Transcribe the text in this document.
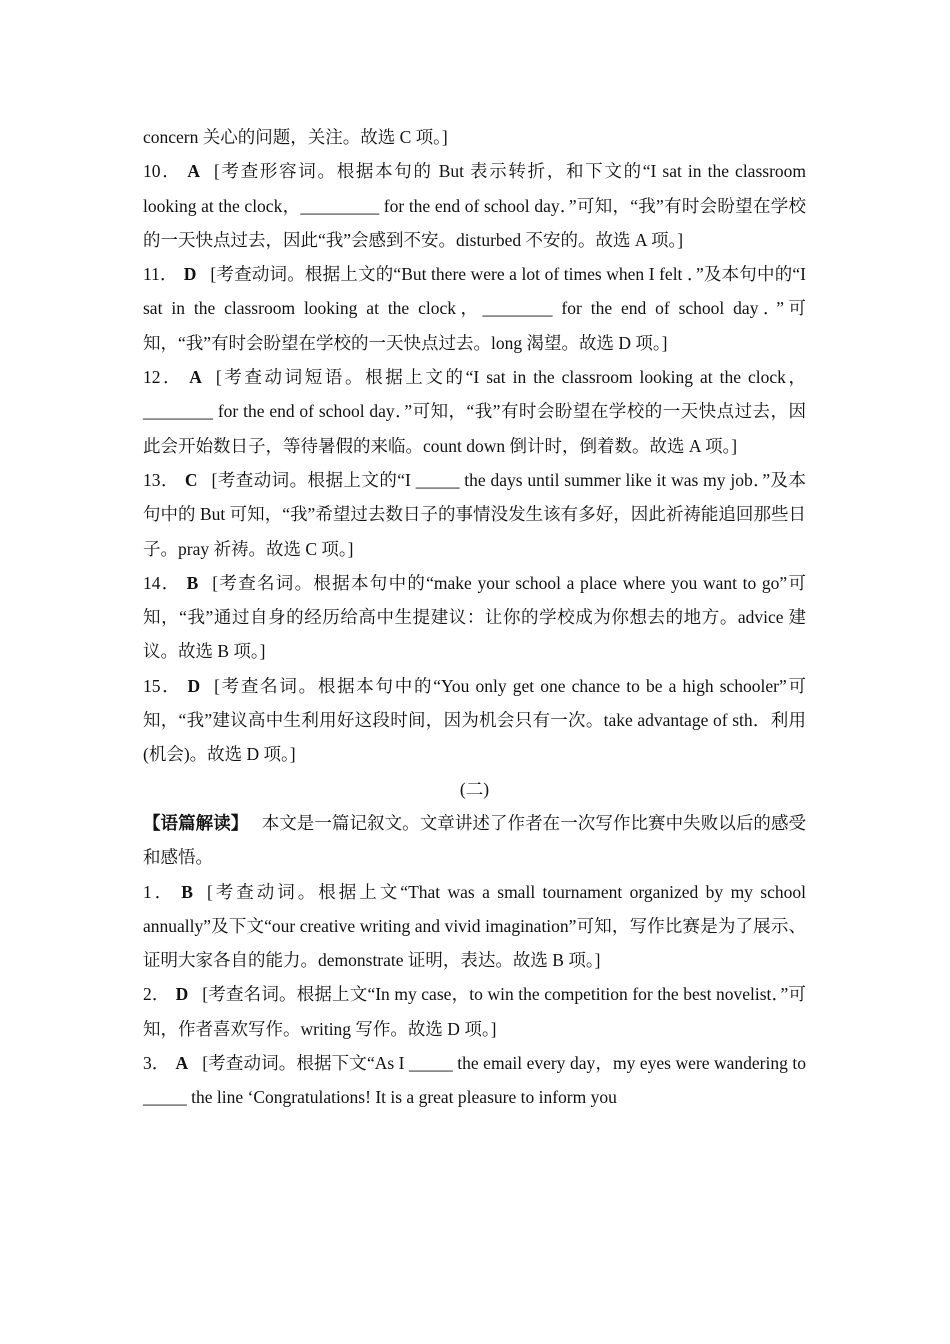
concern 关心的问题，关注。故选 C 项。]

10． A [考查形容词。根据本句的 But 表示转折，和下文的“I sat in the classroom looking at the clock，_________ for the end of school day．”可知，“我”有时会盼望在学校的一天快点过去，因此“我”会感到不安。disturbed 不安的。故选 A 项。]

11． D [考查动词。根据上文的“But there were a lot of times when I felt ．”及本句中的“I sat in the classroom looking at the clock，________ for the end of school day．”可知，“我”有时会盼望在学校的一天快点过去。long 渴望。故选 D 项。]

12． A [考查动词短语。根据上文的“I sat in the classroom looking at the clock，________ for the end of school day．”可知，“我”有时会盼望在学校的一天快点过去，因此会开始数日子，等待暑假的来临。count down 倒计时，倒着数。故选 A 项。]

13． C [考查动词。根据上文的“I _____ the days until summer like it was my job．”及本句中的 But 可知，“我”希望过去数日子的事情没发生该有多好，因此祈祷能追回那些日子。pray 祈祷。故选 C 项。]

14． B [考查名词。根据本句中的“make your school a place where you want to go”可知，“我”通过自身的经历给高中生提建议：让你的学校成为你想去的地方。advice 建议。故选 B 项。]

15． D [考查名词。根据本句中的“You only get one chance to be a high schooler”可知，“我”建议高中生利用好这段时间，因为机会只有一次。take advantage of sth．利用(机会)。故选 D 项。]

(二)

【语篇解读】 本文是一篇记叙文。文章讲述了作者在一次写作比赛中失败以后的感受和感悟。

1． B [考查动词。根据上文“That was a small tournament organized by my school annually”及下文“our creative writing and vivid imagination”可知，写作比赛是为了展示、证明大家各自的能力。demonstrate 证明，表达。故选 B 项。]

2． D [考查名词。根据上文“In my case，to win the competition for the best novelist．”可知，作者喜欢写作。writing 写作。故选 D 项。]

3． A [考查动词。根据下文“As I _____ the email every day，my eyes were wandering to _____ the line ‘Congratulations! It is a great pleasure to inform you
